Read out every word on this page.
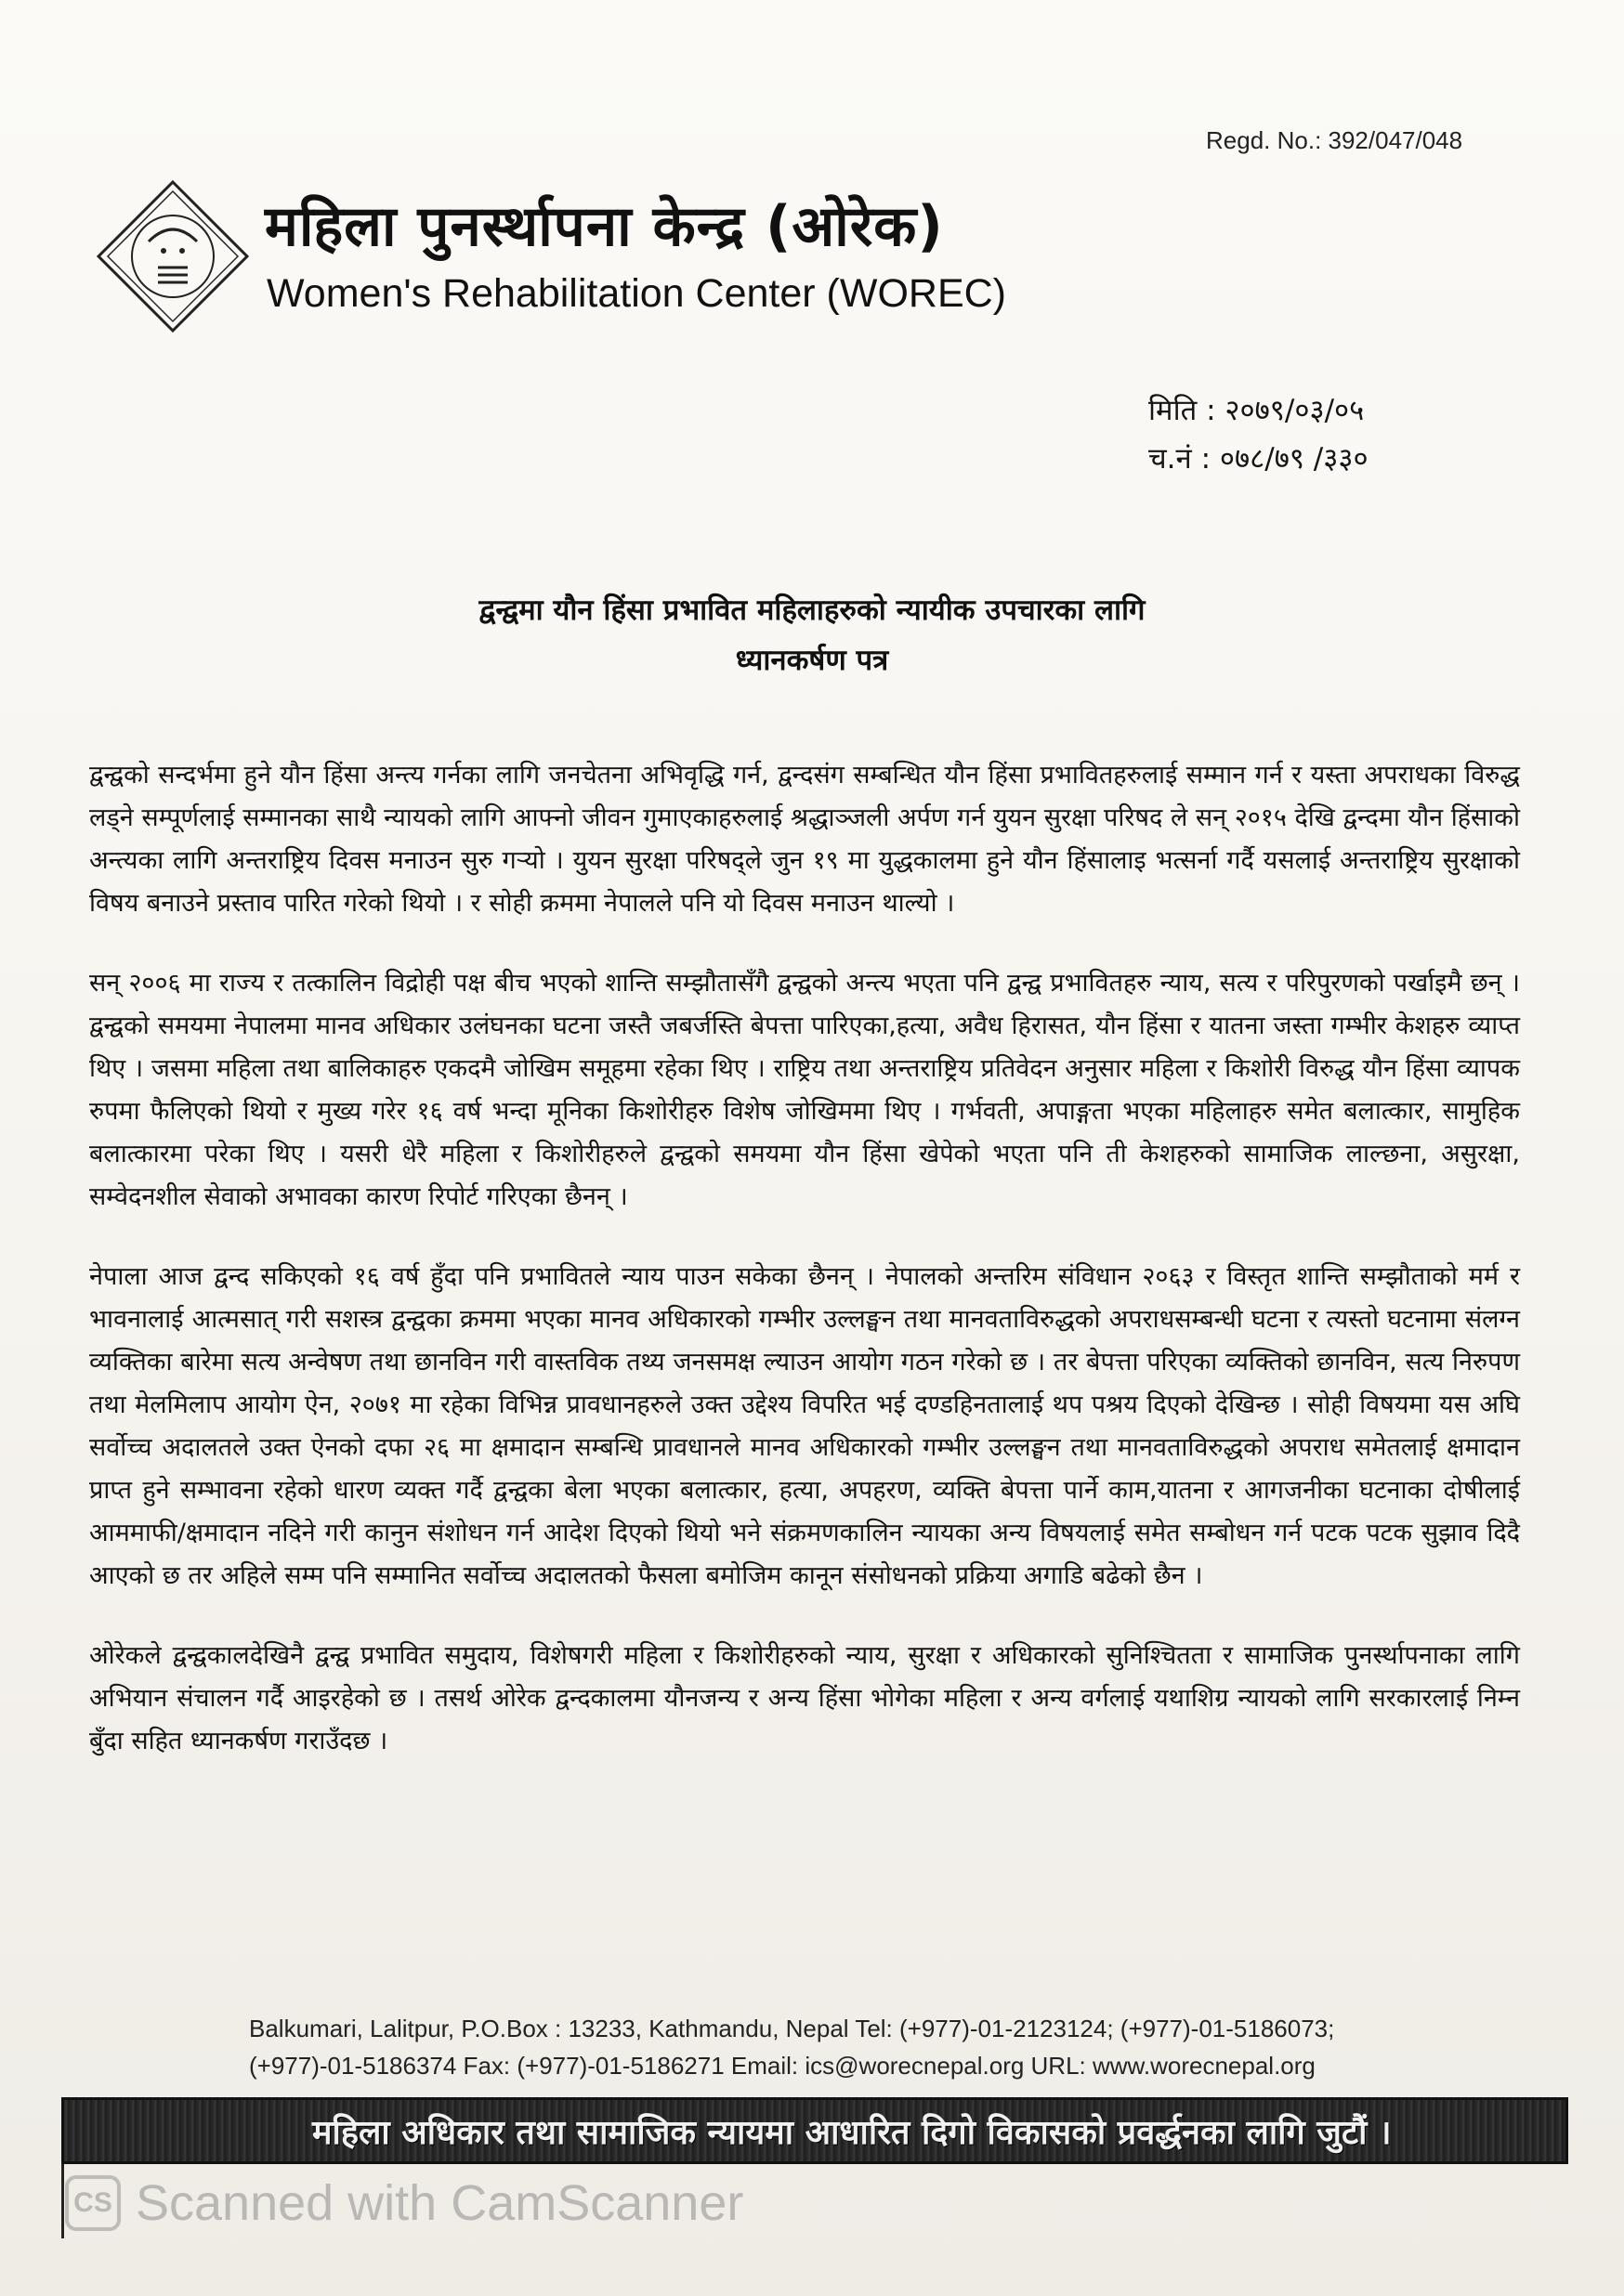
Regd. No.: 392/047/048
महिला पुनर्स्थापना केन्द्र (ओरेक)
Women's Rehabilitation Center (WOREC)
मिति : २०७९/०३/०५
च.नं : ०७८/७९ /३३०
द्वन्द्वमा यौन हिंसा प्रभावित महिलाहरुको न्यायीक उपचारका लागि
ध्यानकर्षण पत्र

द्वन्द्वको सन्दर्भमा हुने यौन हिंसा अन्त्य गर्नका लागि जनचेतना अभिवृद्धि गर्न, द्वन्दसंग सम्बन्धित यौन हिंसा प्रभावितहरुलाई सम्मान गर्न र यस्ता अपराधका विरुद्ध लड्ने सम्पूर्णलाई सम्मानका साथै न्यायको लागि आफ्नो जीवन गुमाएकाहरुलाई श्रद्धाञ्जली अर्पण गर्न युयन सुरक्षा परिषद ले सन् २०१५ देखि द्वन्दमा यौन हिंसाको अन्त्यका लागि अन्तराष्ट्रिय दिवस मनाउन सुरु गर्‍यो । युयन सुरक्षा परिषद्ले जुन १९ मा युद्धकालमा हुने यौन हिंसालाइ भत्सर्ना गर्दै यसलाई अन्तराष्ट्रिय सुरक्षाको विषय बनाउने प्रस्ताव पारित गरेको थियो । र सोही क्रममा नेपालले पनि यो दिवस मनाउन थाल्यो ।

सन् २००६ मा राज्य र तत्कालिन विद्रोही पक्ष बीच भएको शान्ति सम्झौतासँगै द्वन्द्वको अन्त्य भएता पनि द्वन्द्व प्रभावितहरु न्याय, सत्य र परिपुरणको पर्खाइमै छन् । द्वन्द्वको समयमा नेपालमा मानव अधिकार उलंघनका घटना जस्तै जबर्जस्ति बेपत्ता पारिएका,हत्या, अवैध हिरासत, यौन हिंसा र यातना जस्ता गम्भीर केशहरु व्याप्त थिए । जसमा महिला तथा बालिकाहरु एकदमै जोखिम समूहमा रहेका थिए । राष्ट्रिय तथा अन्तराष्ट्रिय प्रतिवेदन अनुसार महिला र किशोरी विरुद्ध यौन हिंसा व्यापक रुपमा फैलिएको थियो र मुख्य गरेर १६ वर्ष भन्दा मूनिका किशोरीहरु विशेष जोखिममा थिए । गर्भवती, अपाङ्गता भएका महिलाहरु समेत बलात्कार, सामुहिक बलात्कारमा परेका थिए । यसरी धेरै महिला र किशोरीहरुले द्वन्द्वको समयमा यौन हिंसा खेपेको भएता पनि ती केशहरुको सामाजिक लाल्छना, असुरक्षा, सम्वेदनशील सेवाको अभावका कारण रिपोर्ट गरिएका छैनन् ।

नेपाला आज द्वन्द सकिएको १६ वर्ष हुँदा पनि प्रभावितले न्याय पाउन सकेका छैनन् । नेपालको अन्तरिम संविधान २०६३ र विस्तृत शान्ति सम्झौताको मर्म र भावनालाई आत्मसात् गरी सशस्त्र द्वन्द्वका क्रममा भएका मानव अधिकारको गम्भीर उल्लङ्घन तथा मानवताविरुद्धको अपराधसम्बन्धी घटना र त्यस्तो घटनामा संलग्न व्यक्तिका बारेमा सत्य अन्वेषण तथा छानविन गरी वास्तविक तथ्य जनसमक्ष ल्याउन आयोग गठन गरेको छ । तर बेपत्ता परिएका व्यक्तिको छानविन, सत्य निरुपण तथा मेलमिलाप आयोग ऐन, २०७१ मा रहेका विभिन्न प्रावधानहरुले उक्त उद्देश्य विपरित भई दण्डहिनतालाई थप पश्रय दिएको देखिन्छ । सोही विषयमा यस अघि सर्वोच्च अदालतले उक्त ऐनको दफा २६ मा क्षमादान सम्बन्धि प्रावधानले मानव अधिकारको गम्भीर उल्लङ्घन तथा मानवताविरुद्धको अपराध समेतलाई क्षमादान प्राप्त हुने सम्भावना रहेको धारण व्यक्त गर्दै द्वन्द्वका बेला भएका बलात्कार, हत्या, अपहरण, व्यक्ति बेपत्ता पार्ने काम,यातना र आगजनीका घटनाका दोषीलाई आममाफी/क्षमादान नदिने गरी कानुन संशोधन गर्न आदेश दिएको थियो भने संक्रमणकालिन न्यायका अन्य विषयलाई समेत सम्बोधन गर्न पटक पटक सुझाव दिदै आएको छ तर अहिले सम्म पनि सम्मानित सर्वोच्च अदालतको फैसला बमोजिम कानून संसोधनको प्रक्रिया अगाडि बढेको छैन ।

ओरेकले द्वन्द्वकालदेखिनै द्वन्द्व प्रभावित समुदाय, विशेषगरी महिला र किशोरीहरुको न्याय, सुरक्षा र अधिकारको सुनिश्चितता र सामाजिक पुनर्स्थापनाका लागि अभियान संचालन गर्दै आइरहेको छ । तसर्थ ओरेक द्वन्दकालमा यौनजन्य र अन्य हिंसा भोगेका महिला र अन्य वर्गलाई यथाशिग्र न्यायको लागि सरकारलाई निम्न बुँदा सहित ध्यानकर्षण गराउँदछ ।

Balkumari, Lalitpur, P.O.Box : 13233, Kathmandu, Nepal Tel: (+977)-01-2123124; (+977)-01-5186073;
(+977)-01-5186374 Fax: (+977)-01-5186271 Email: ics@worecnepal.org URL: www.worecnepal.org
महिला अधिकार तथा सामाजिक न्यायमा आधारित दिगो विकासको प्रवर्द्धनका लागि जुटौं ।
CS Scanned with CamScanner
